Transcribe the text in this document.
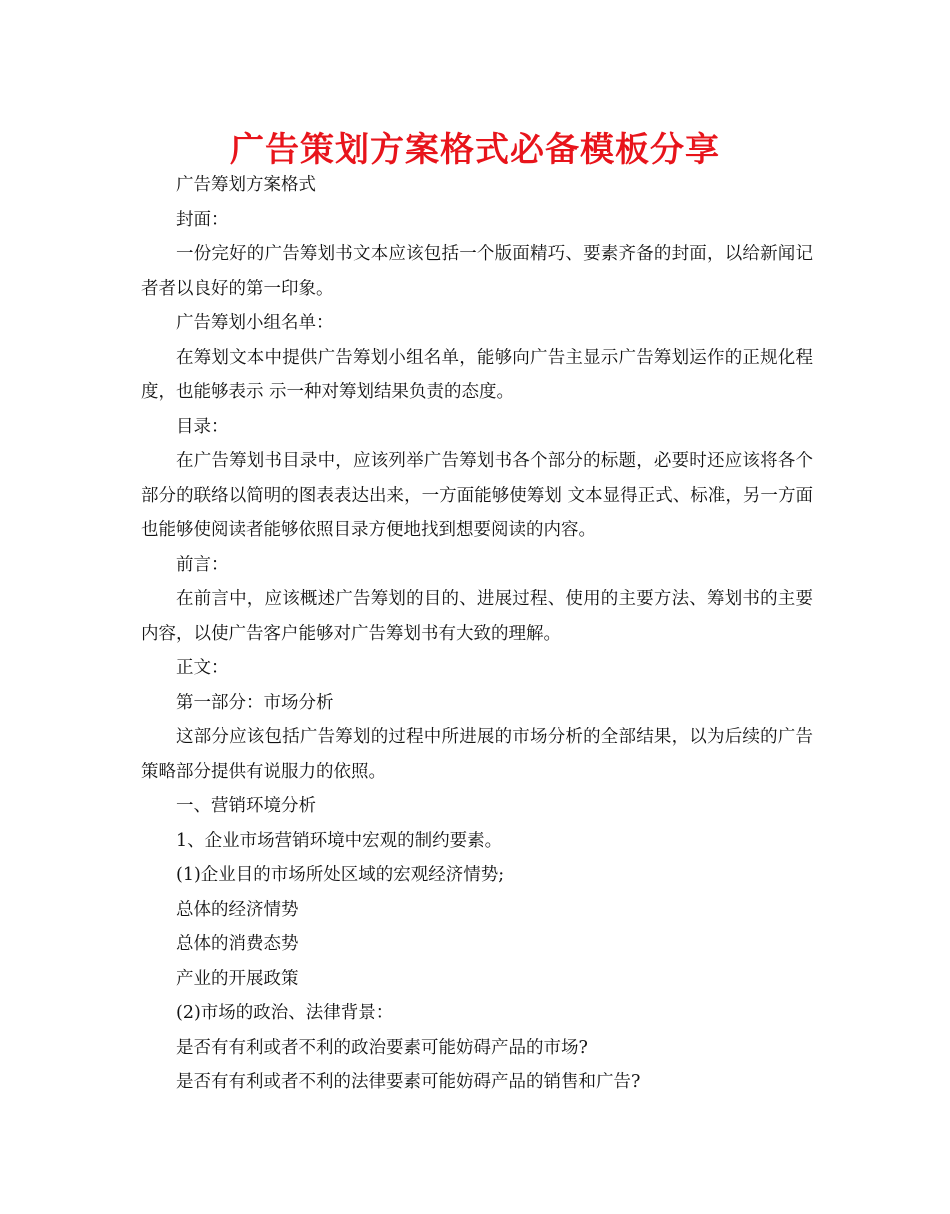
广告策划方案格式必备模板分享

广告筹划方案格式

封面：

一份完好的广告筹划书文本应该包括一个版面精巧、要素齐备的封面，以给新闻记者者以良好的第一印象。

广告筹划小组名单：

在筹划文本中提供广告筹划小组名单，能够向广告主显示广告筹划运作的正规化程度，也能够表示 示一种对筹划结果负责的态度。

目录：

在广告筹划书目录中，应该列举广告筹划书各个部分的标题，必要时还应该将各个部分的联络以简明的图表表达出来，一方面能够使筹划 文本显得正式、标准，另一方面也能够使阅读者能够依照目录方便地找到想要阅读的内容。

前言：

在前言中，应该概述广告筹划的目的、进展过程、使用的主要方法、筹划书的主要内容，以使广告客户能够对广告筹划书有大致的理解。

正文：

第一部分：市场分析

这部分应该包括广告筹划的过程中所进展的市场分析的全部结果，以为后续的广告策略部分提供有说服力的依照。

一、营销环境分析

1、企业市场营销环境中宏观的制约要素。

(1)企业目的市场所处区域的宏观经济情势;

总体的经济情势

总体的消费态势

产业的开展政策

(2)市场的政治、法律背景：

是否有有利或者不利的政治要素可能妨碍产品的市场?

是否有有利或者不利的法律要素可能妨碍产品的销售和广告?
